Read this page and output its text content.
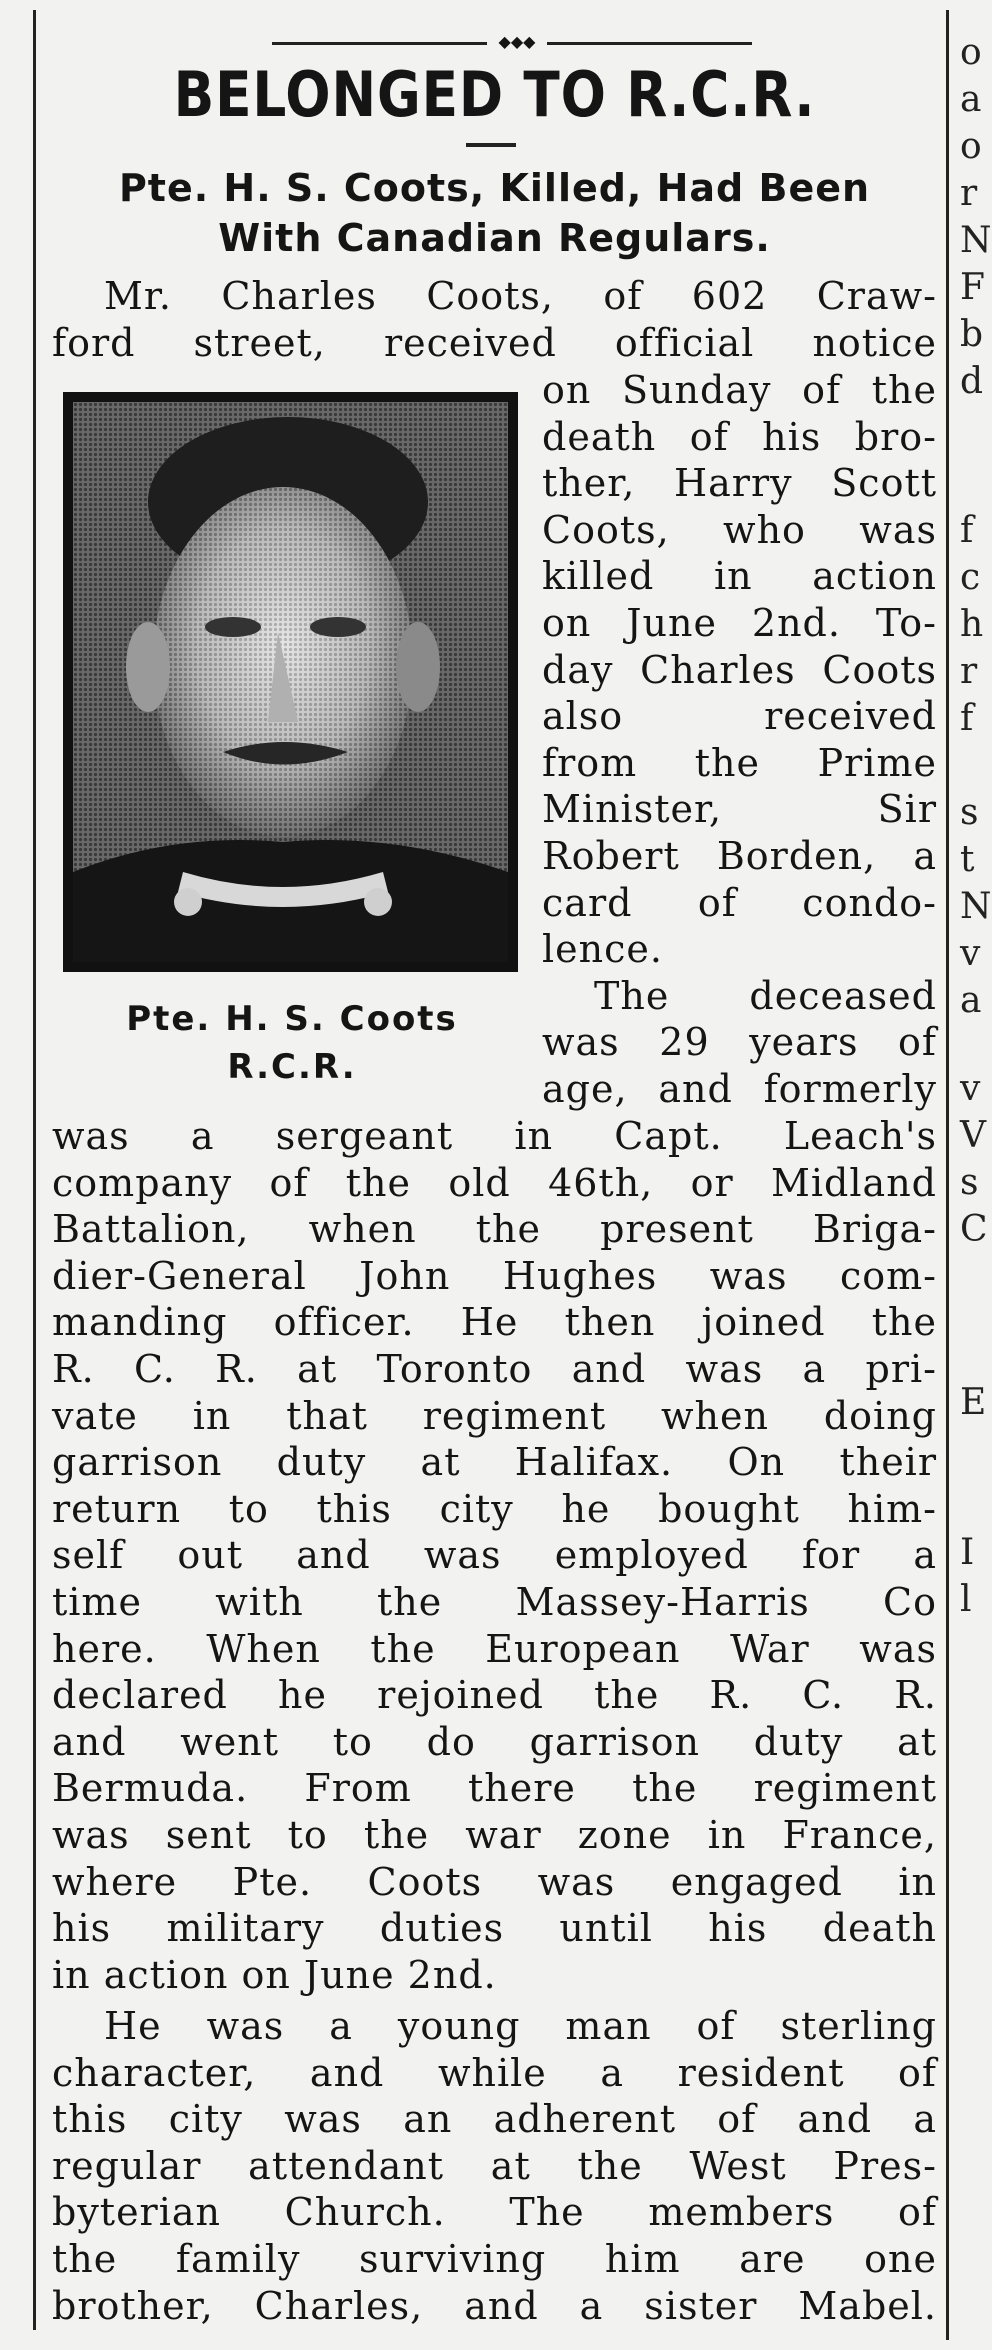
◆◆◆
BELONGED TO R.C.R.
Pte. H. S. Coots, Killed, Had Been
With Canadian Regulars.
Mr. Charles Coots, of 602 Craw-
ford street, received official notice
on Sunday of the
death of his bro-
ther, Harry Scott
Coots, who was
killed in action
on June 2nd. To-
day Charles Coots
also received
from the Prime
Minister, Sir
Robert Borden, a
card of condo-
lence.
The deceased
was 29 years of
age, and formerly
Pte. H. S. Coots
R.C.R.
was a sergeant in Capt. Leach's
company of the old 46th, or Midland
Battalion, when the present Briga-
dier-General John Hughes was com-
manding officer. He then joined the
R. C. R. at Toronto and was a pri-
vate in that regiment when doing
garrison duty at Halifax. On their
return to this city he bought him-
self out and was employed for a
time with the Massey-Harris Co
here. When the European War was
declared he rejoined the R. C. R.
and went to do garrison duty at
Bermuda. From there the regiment
was sent to the war zone in France,
where Pte. Coots was engaged in
his military duties until his death
in action on June 2nd.
He was a young man of sterling
character, and while a resident of
this city was an adherent of and a
regular attendant at the West Pres-
byterian Church. The members of
the family surviving him are one
brother, Charles, and a sister Mabel.
o
a
o
r
N
F
b
d
f
c
h
r
f
s
t
N
v
a
v
V
s
C
E
I
l
